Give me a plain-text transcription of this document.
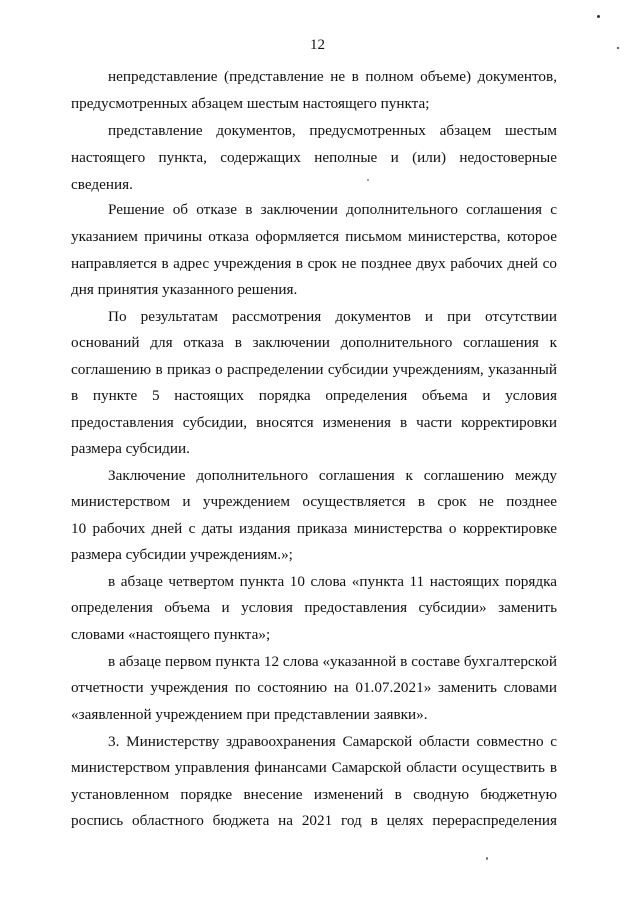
12
непредставление (представление не в полном объеме) документов,
предусмотренных абзацем шестым настоящего пункта;
представление документов, предусмотренных абзацем шестым
настоящего пункта, содержащих неполные и (или) недостоверные
сведения.
Решение об отказе в заключении дополнительного соглашения с
указанием причины отказа оформляется письмом министерства, которое
направляется в адрес учреждения в срок не позднее двух рабочих дней со
дня принятия указанного решения.
По результатам рассмотрения документов и при отсутствии
оснований для отказа в заключении дополнительного соглашения к
соглашению в приказ о распределении субсидии учреждениям, указанный
в пункте 5 настоящих порядка определения объема и условия
предоставления субсидии, вносятся изменения в части корректировки
размера субсидии.
Заключение дополнительного соглашения к соглашению между
министерством и учреждением осуществляется в срок не позднее
10 рабочих дней с даты издания приказа министерства о корректировке
размера субсидии учреждениям.»;
в абзаце четвертом пункта 10 слова «пункта 11 настоящих порядка
определения объема и условия предоставления субсидии» заменить
словами «настоящего пункта»;
в абзаце первом пункта 12 слова «указанной в составе бухгалтерской
отчетности учреждения по состоянию на 01.07.2021» заменить словами
«заявленной учреждением при представлении заявки».
3. Министерству здравоохранения Самарской области совместно с
министерством управления финансами Самарской области осуществить в
установленном порядке внесение изменений в сводную бюджетную
роспись областного бюджета на 2021 год в целях перераспределения
